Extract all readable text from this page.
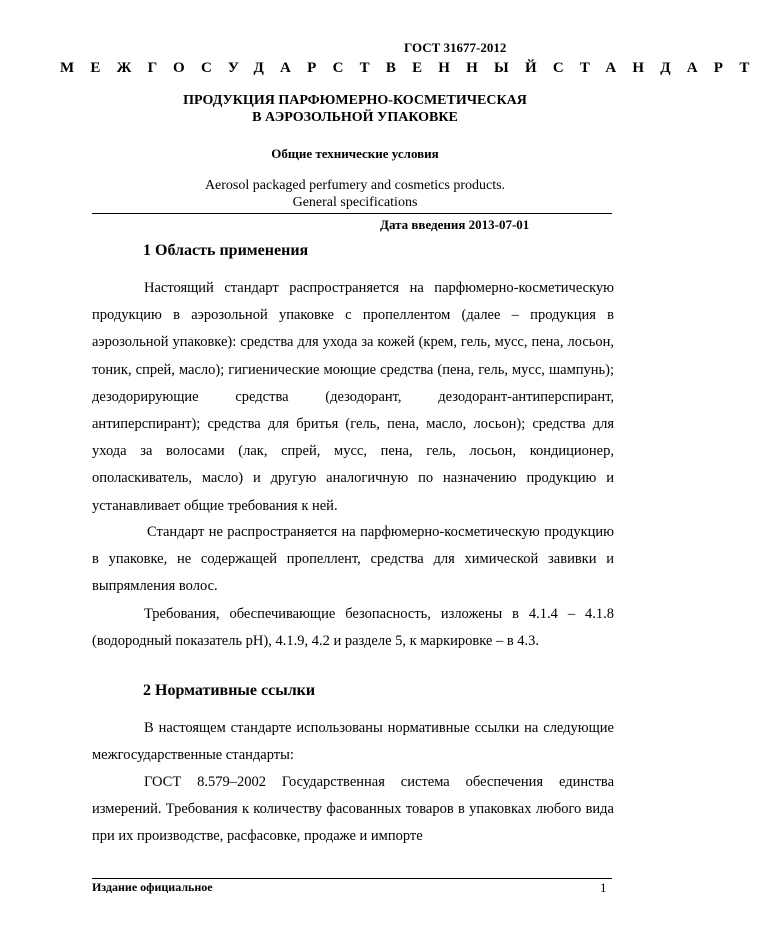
ГОСТ 31677-2012
МЕЖГОСУДАРСТВЕННЫЙ СТАНДАРТ
ПРОДУКЦИЯ ПАРФЮМЕРНО-КОСМЕТИЧЕСКАЯ
В АЭРОЗОЛЬНОЙ УПАКОВКЕ
Общие технические условия
Aerosol packaged perfumery and cosmetics products.
General specifications
Дата введения 2013-07-01
1 Область применения
Настоящий стандарт распространяется на парфюмерно-косметическую продукцию в аэрозольной упаковке с пропеллентом (далее – продукция в аэрозольной упаковке): средства для ухода за кожей (крем, гель, мусс, пена, лосьон, тоник, спрей, масло); гигиенические моющие средства (пена, гель, мусс, шампунь); дезодорирующие средства (дезодорант, дезодорант-антиперспирант, антиперспирант); средства для бритья (гель, пена, масло, лосьон); средства для ухода за волосами (лак, спрей, мусс, пена, гель, лосьон, кондиционер, ополаскиватель, масло) и другую аналогичную по назначению продукцию и устанавливает общие требования к ней.
Стандарт не распространяется на парфюмерно-косметическую продукцию в упаковке, не содержащей пропеллент, средства для химической завивки и выпрямления волос.
Требования, обеспечивающие безопасность, изложены в 4.1.4 – 4.1.8 (водородный показатель рН), 4.1.9, 4.2 и разделе 5, к маркировке – в 4.3.
2 Нормативные ссылки
В настоящем стандарте использованы нормативные ссылки на следующие межгосударственные стандарты:
ГОСТ 8.579–2002 Государственная система обеспечения единства измерений. Требования к количеству фасованных товаров в упаковках любого вида при их производстве, расфасовке, продаже и импорте
Издание официальное	1
